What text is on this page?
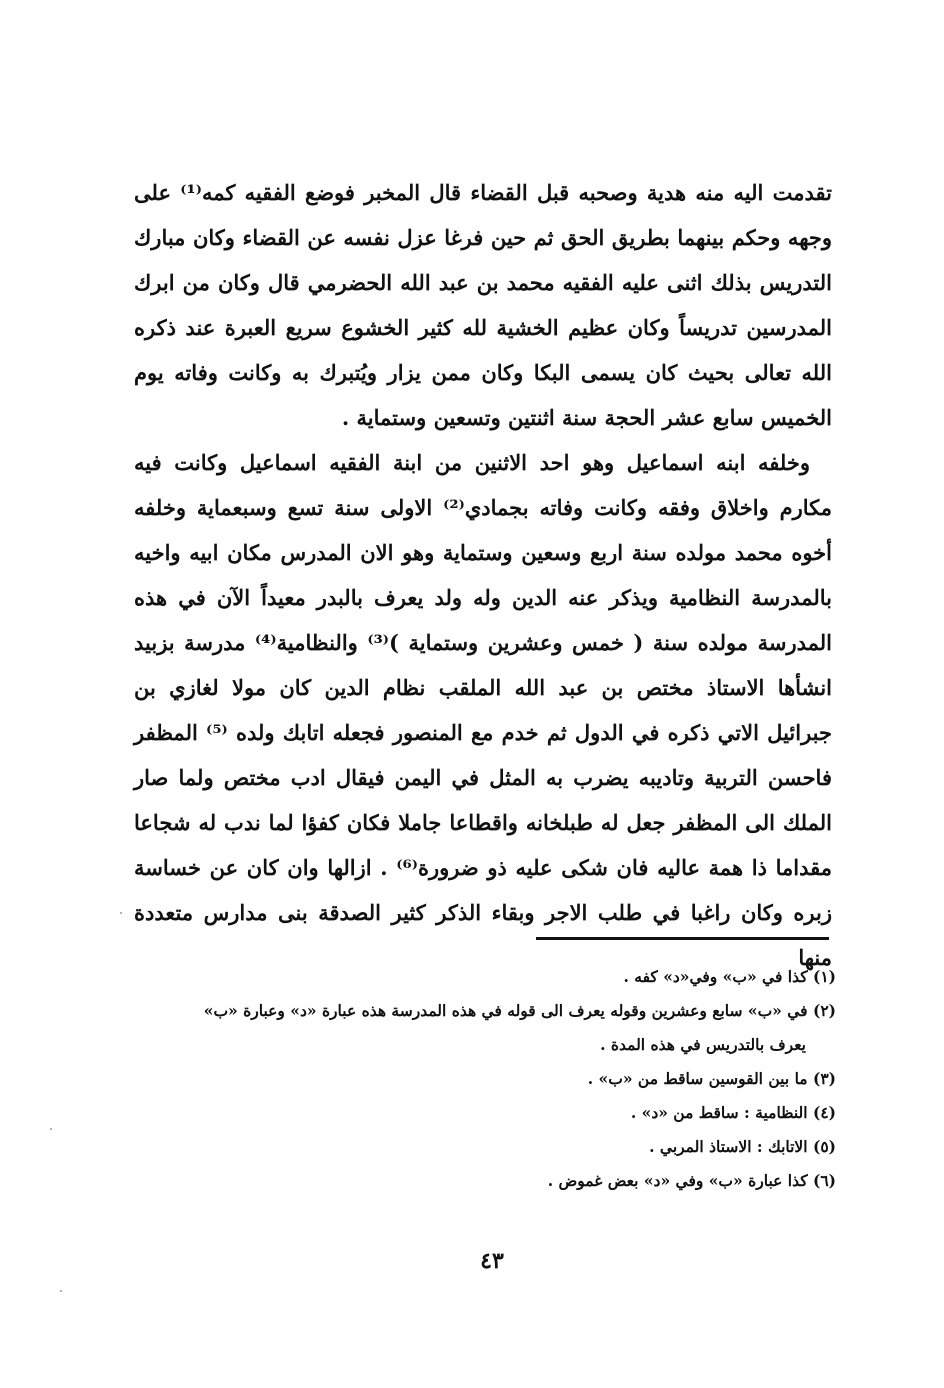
تقدمت اليه منه هدية وصحبه قبل القضاء قال المخبر فوضع الفقيه كمه⁽¹⁾ على وجهه وحكم بينهما بطريق الحق ثم حين فرغا عزل نفسه عن القضاء وكان مبارك التدريس بذلك اثنى عليه الفقيه محمد بن عبد الله الحضرمي قال وكان من ابرك المدرسين تدريساً وكان عظيم الخشية لله كثير الخشوع سريع العبرة عند ذكره الله تعالى بحيث كان يسمى البكا وكان ممن يزار ويُتبرك به وكانت وفاته يوم الخميس سابع عشر الحجة سنة اثنتين وتسعين وستماية .

وخلفه ابنه اسماعيل وهو احد الاثنين من ابنة الفقيه اسماعيل وكانت فيه مكارم واخلاق وفقه وكانت وفاته بجمادي⁽²⁾ الاولى سنة تسع وسبعماية وخلفه أخوه محمد مولده سنة اربع وسعين وستماية وهو الان المدرس مكان ابيه واخيه بالمدرسة النظامية ويذكر عنه الدين وله ولد يعرف بالبدر معيداً الآن في هذه المدرسة مولده سنة ( خمس وعشرين وستماية )⁽³⁾ والنظامية⁽⁴⁾ مدرسة بزبيد انشأها الاستاذ مختص بن عبد الله الملقب نظام الدين كان مولا لغازي بن جبرائيل الاتي ذكره في الدول ثم خدم مع المنصور فجعله اتابك ولده ⁽⁵⁾ المظفر فاحسن التربية وتاديبه يضرب به المثل في اليمن فيقال ادب مختص ولما صار الملك الى المظفر جعل له طبلخانه واقطاعا جاملا فكان كفؤا لما ندب له شجاعا مقداما ذا همة عاليه فان شكى عليه ذو ضرورة⁽⁶⁾ . ازالها وان كان عن خساسة زبره وكان راغبا في طلب الاجر وبقاء الذكر كثير الصدقة بنى مدارس متعددة منها

(١) كذا في «ب» وفي«د» كفه .

(٢) في «ب» سابع وعشرين وقوله يعرف الى قوله في هذه المدرسة هذه عبارة «د» وعبارة «ب»
يعرف بالتدريس في هذه المدة .

(٣) ما بين القوسين ساقط من «ب» .

(٤) النظامية : ساقط من «د» .

(٥) الاتابك : الاستاذ المربي .

(٦) كذا عبارة «ب» وفي «د» بعض غموض .

٤٣
